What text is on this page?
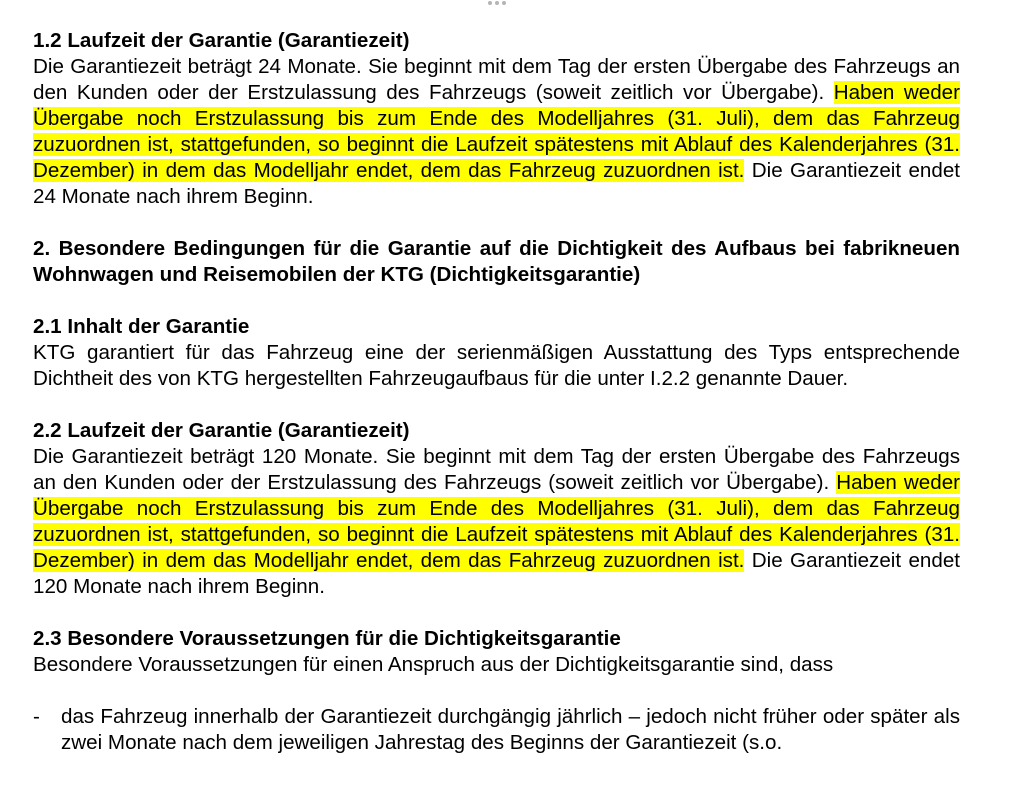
1.2 Laufzeit der Garantie (Garantiezeit)

Die Garantiezeit beträgt 24 Monate. Sie beginnt mit dem Tag der ersten Übergabe des Fahrzeugs an den Kunden oder der Erstzulassung des Fahrzeugs (soweit zeitlich vor Übergabe). Haben weder Übergabe noch Erstzulassung bis zum Ende des Modelljahres (31. Juli), dem das Fahrzeug zuzuordnen ist, stattgefunden, so beginnt die Laufzeit spätestens mit Ablauf des Kalenderjahres (31. Dezember) in dem das Modelljahr endet, dem das Fahrzeug zuzuordnen ist. Die Garantiezeit endet 24 Monate nach ihrem Beginn.

2. Besondere Bedingungen für die Garantie auf die Dichtigkeit des Aufbaus bei fabrikneuen Wohnwagen und Reisemobilen der KTG (Dichtigkeitsgarantie)

2.1 Inhalt der Garantie

KTG garantiert für das Fahrzeug eine der serienmäßigen Ausstattung des Typs entsprechende Dichtheit des von KTG hergestellten Fahrzeugaufbaus für die unter I.2.2 genannte Dauer.

2.2 Laufzeit der Garantie (Garantiezeit)

Die Garantiezeit beträgt 120 Monate. Sie beginnt mit dem Tag der ersten Übergabe des Fahrzeugs an den Kunden oder der Erstzulassung des Fahrzeugs (soweit zeitlich vor Übergabe). Haben weder Übergabe noch Erstzulassung bis zum Ende des Modelljahres (31. Juli), dem das Fahrzeug zuzuordnen ist, stattgefunden, so beginnt die Laufzeit spätestens mit Ablauf des Kalenderjahres (31. Dezember) in dem das Modelljahr endet, dem das Fahrzeug zuzuordnen ist. Die Garantiezeit endet 120 Monate nach ihrem Beginn.

2.3 Besondere Voraussetzungen für die Dichtigkeitsgarantie

Besondere Voraussetzungen für einen Anspruch aus der Dichtigkeitsgarantie sind, dass

- das Fahrzeug innerhalb der Garantiezeit durchgängig jährlich – jedoch nicht früher oder später als zwei Monate nach dem jeweiligen Jahrestag des Beginns der Garantiezeit (s.o.
